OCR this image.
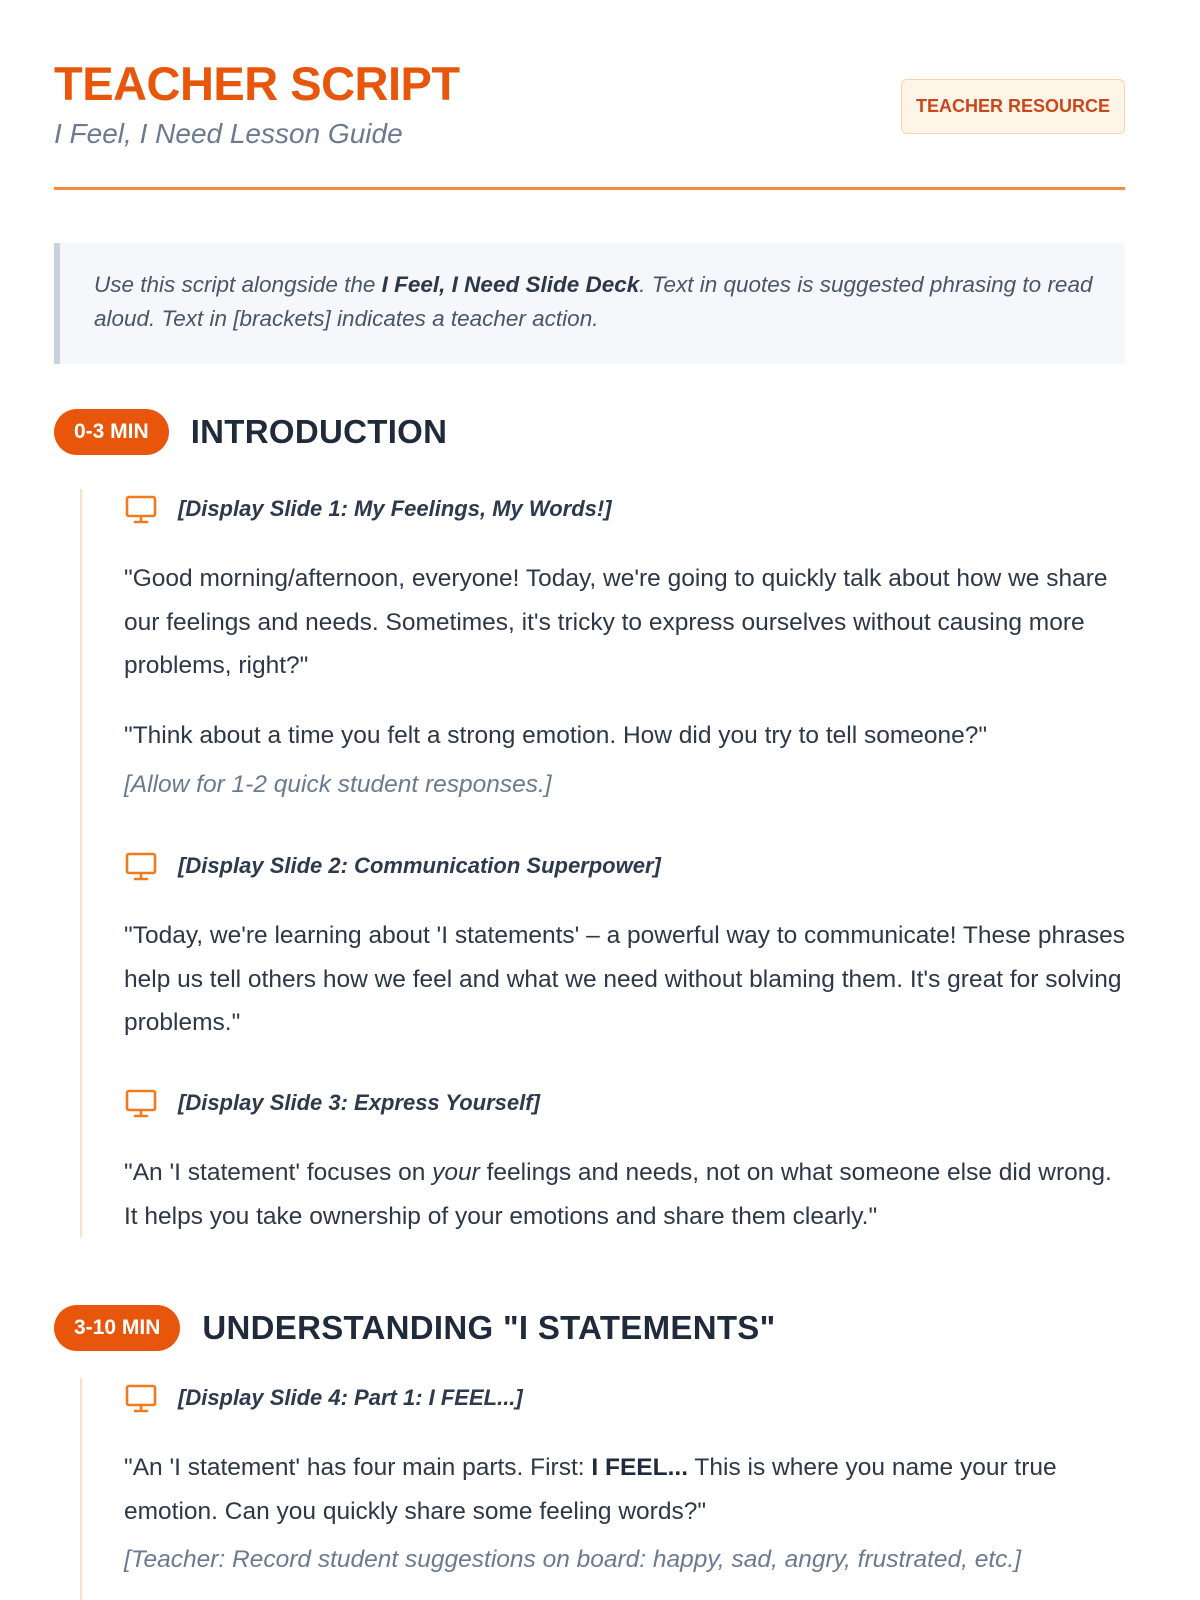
TEACHER SCRIPT
I Feel, I Need Lesson Guide
TEACHER RESOURCE
Use this script alongside the I Feel, I Need Slide Deck. Text in quotes is suggested phrasing to read aloud. Text in [brackets] indicates a teacher action.
0-3 MIN	INTRODUCTION
[Display Slide 1: My Feelings, My Words!]

"Good morning/afternoon, everyone! Today, we're going to quickly talk about how we share our feelings and needs. Sometimes, it's tricky to express ourselves without causing more problems, right?"

"Think about a time you felt a strong emotion. How did you try to tell someone?"

[Allow for 1-2 quick student responses.]

[Display Slide 2: Communication Superpower]

"Today, we're learning about 'I statements' – a powerful way to communicate! These phrases help us tell others how we feel and what we need without blaming them. It's great for solving problems."

[Display Slide 3: Express Yourself]

"An 'I statement' focuses on your feelings and needs, not on what someone else did wrong. It helps you take ownership of your emotions and share them clearly."

3-10 MIN	UNDERSTANDING "I STATEMENTS"
[Display Slide 4: Part 1: I FEEL...]

"An 'I statement' has four main parts. First: I FEEL... This is where you name your true emotion. Can you quickly share some feeling words?"

[Teacher: Record student suggestions on board: happy, sad, angry, frustrated, etc.]
